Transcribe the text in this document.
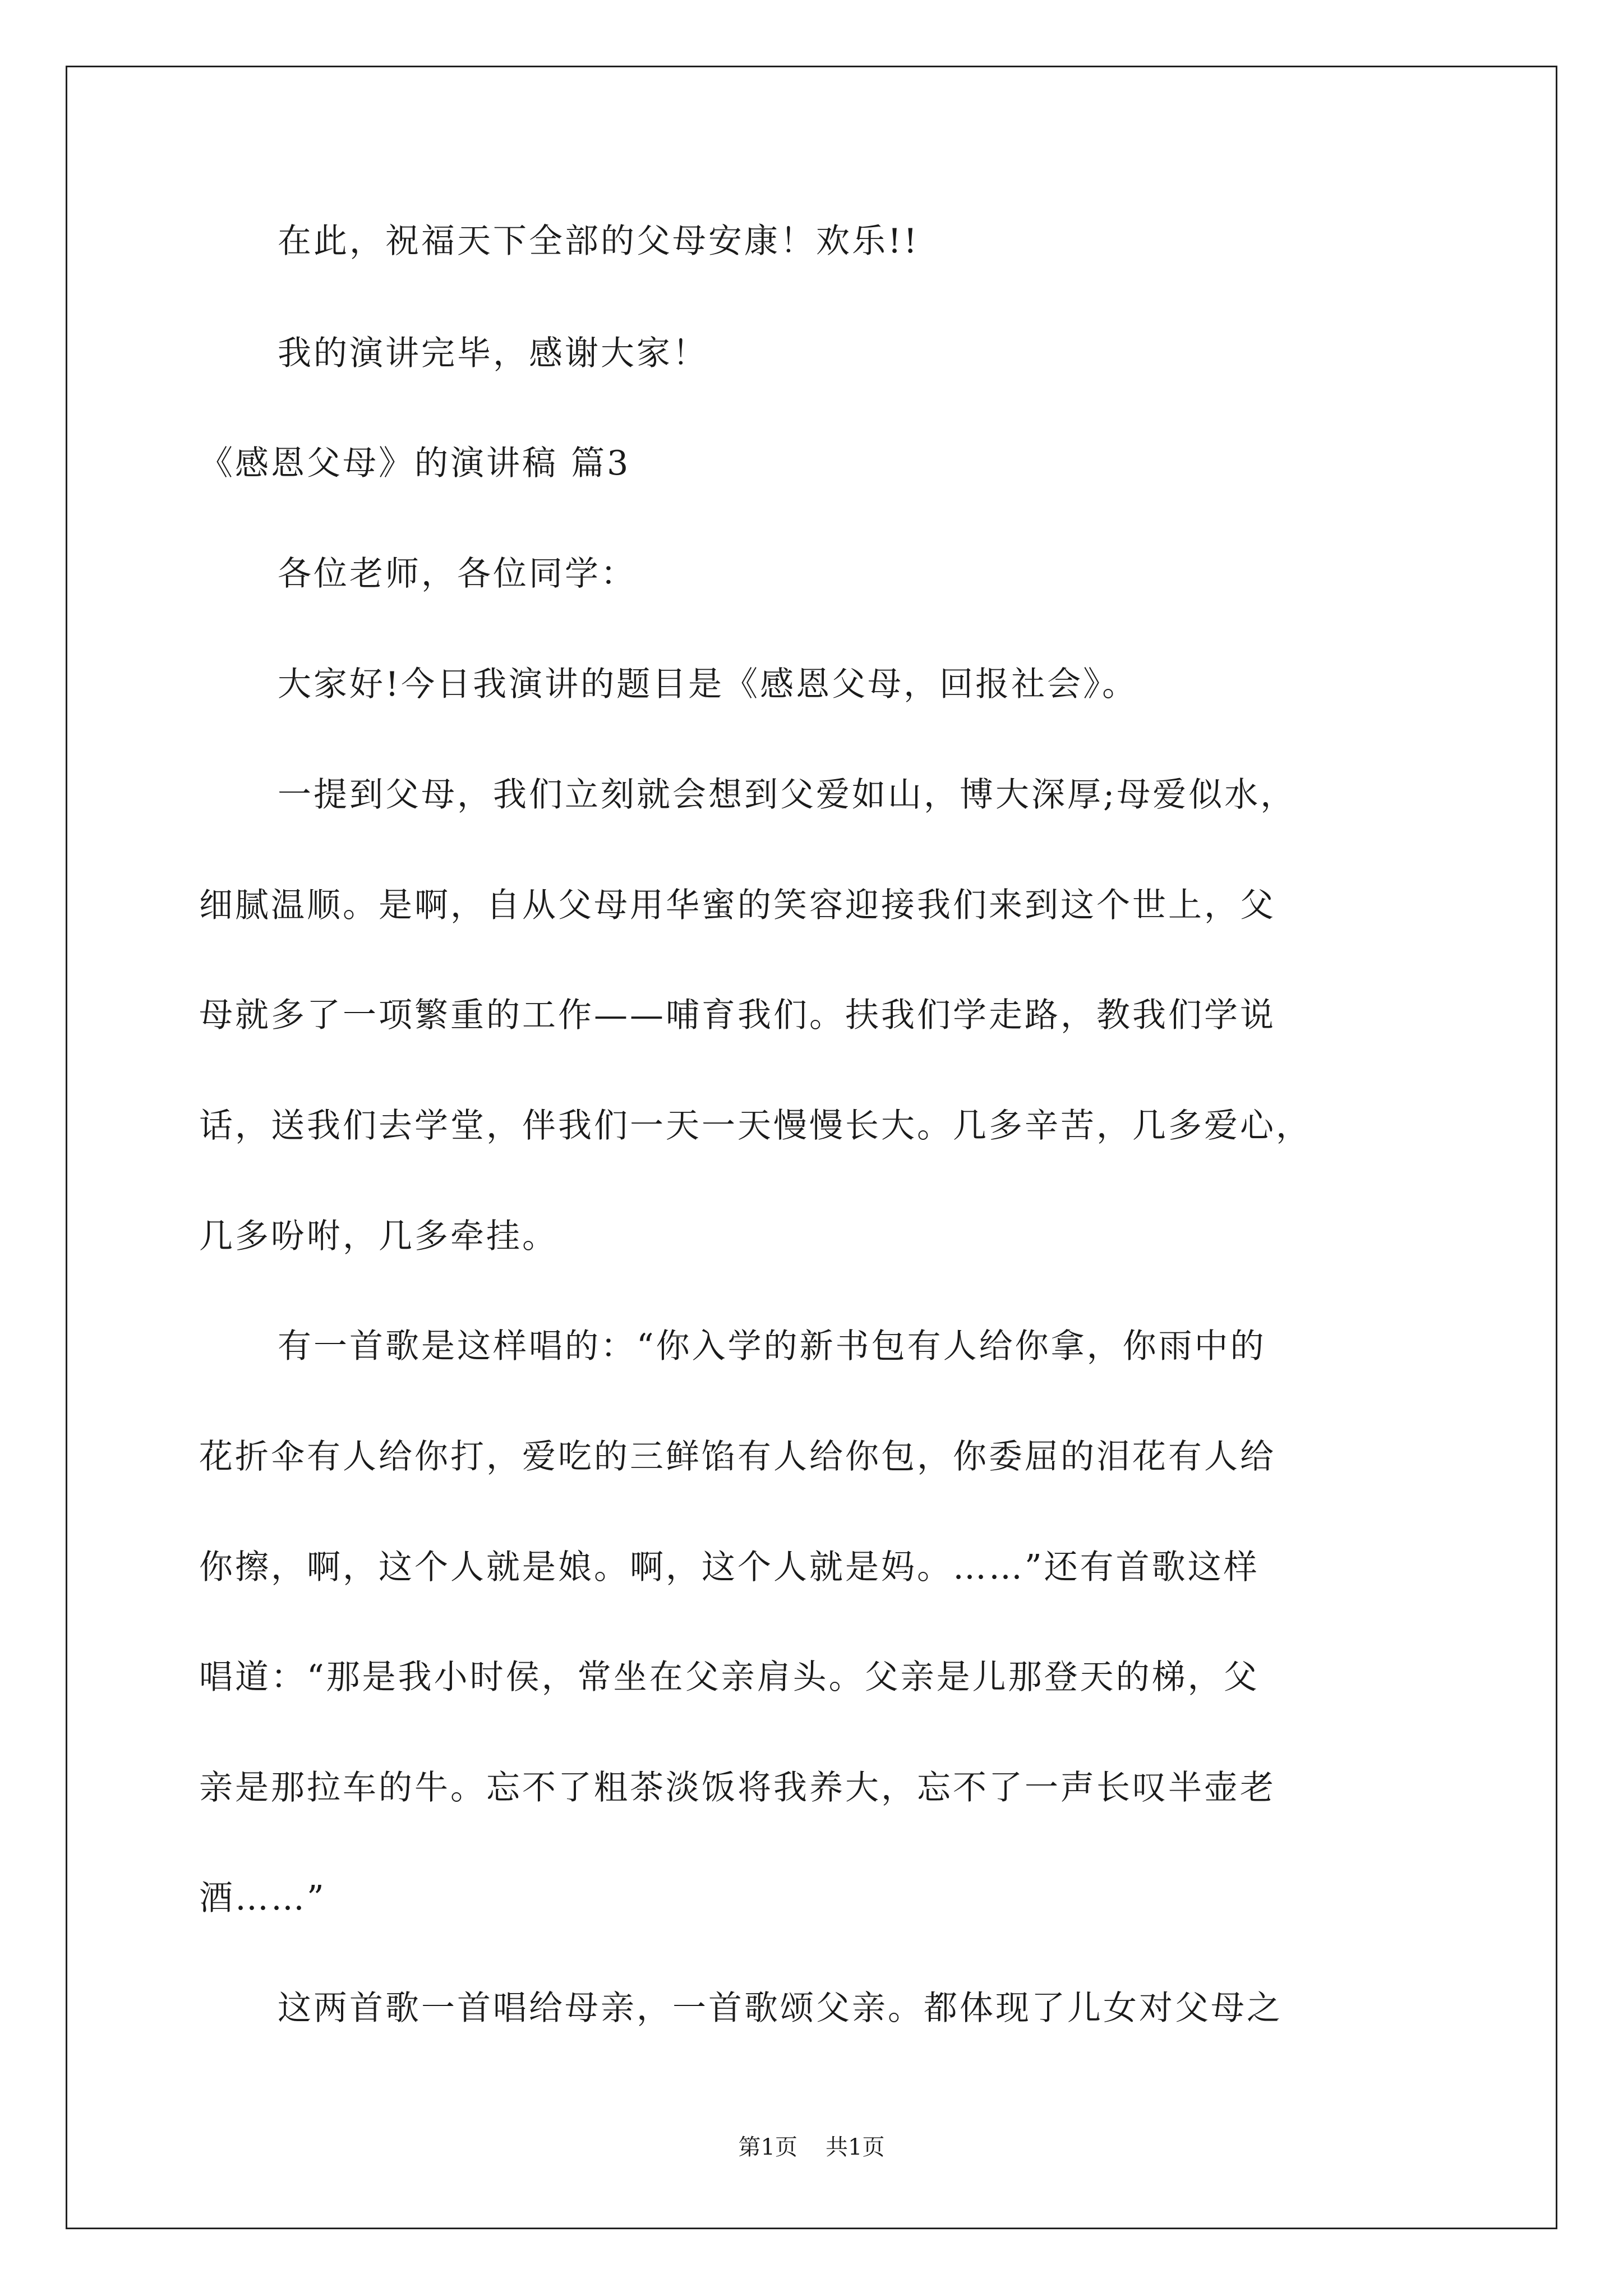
在此，祝福天下全部的父母安康！欢乐!!
我的演讲完毕，感谢大家！
《感恩父母》的演讲稿 篇3
各位老师，各位同学：
大家好!今日我演讲的题目是《感恩父母，回报社会》。
一提到父母，我们立刻就会想到父爱如山，博大深厚;母爱似水，
细腻温顺。是啊，自从父母用华蜜的笑容迎接我们来到这个世上，父
母就多了一项繁重的工作——哺育我们。扶我们学走路，教我们学说
话，送我们去学堂，伴我们一天一天慢慢长大。几多辛苦，几多爱心，
几多吩咐，几多牵挂。
有一首歌是这样唱的：“你入学的新书包有人给你拿，你雨中的
花折伞有人给你打，爱吃的三鲜馅有人给你包，你委屈的泪花有人给
你擦，啊，这个人就是娘。啊，这个人就是妈。……”还有首歌这样
唱道：“那是我小时侯，常坐在父亲肩头。父亲是儿那登天的梯，父
亲是那拉车的牛。忘不了粗茶淡饭将我养大，忘不了一声长叹半壶老
酒……”
这两首歌一首唱给母亲，一首歌颂父亲。都体现了儿女对父母之
第1页 共1页
